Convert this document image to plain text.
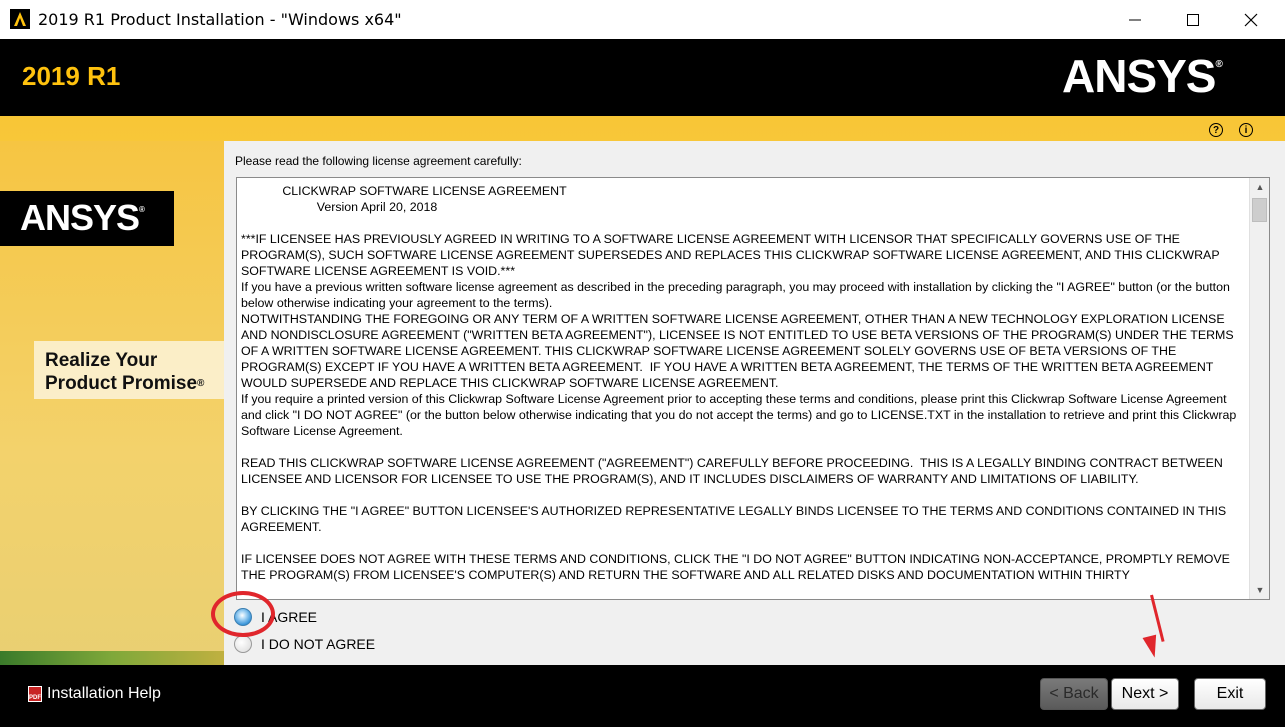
2019 R1 Product Installation - "Windows x64"
2019 R1	ANSYS®
?	i
ANSYS®
Realize Your
Product Promise®
Please read the following license agreement carefully:
CLICKWRAP SOFTWARE LICENSE AGREEMENT
Version April 20, 2018

***IF LICENSEE HAS PREVIOUSLY AGREED IN WRITING TO A SOFTWARE LICENSE AGREEMENT WITH LICENSOR THAT SPECIFICALLY GOVERNS USE OF THE PROGRAM(S), SUCH SOFTWARE LICENSE AGREEMENT SUPERSEDES AND REPLACES THIS CLICKWRAP SOFTWARE LICENSE AGREEMENT, AND THIS CLICKWRAP SOFTWARE LICENSE AGREEMENT IS VOID.***
If you have a previous written software license agreement as described in the preceding paragraph, you may proceed with installation by clicking the "I AGREE" button (or the button below otherwise indicating your agreement to the terms).
NOTWITHSTANDING THE FOREGOING OR ANY TERM OF A WRITTEN SOFTWARE LICENSE AGREEMENT, OTHER THAN A NEW TECHNOLOGY EXPLORATION LICENSE AND NONDISCLOSURE AGREEMENT ("WRITTEN BETA AGREEMENT"), LICENSEE IS NOT ENTITLED TO USE BETA VERSIONS OF THE PROGRAM(S) UNDER THE TERMS OF A WRITTEN SOFTWARE LICENSE AGREEMENT. THIS CLICKWRAP SOFTWARE LICENSE AGREEMENT SOLELY GOVERNS USE OF BETA VERSIONS OF THE PROGRAM(S) EXCEPT IF YOU HAVE A WRITTEN BETA AGREEMENT.  IF YOU HAVE A WRITTEN BETA AGREEMENT, THE TERMS OF THE WRITTEN BETA AGREEMENT  WOULD SUPERSEDE AND REPLACE THIS CLICKWRAP SOFTWARE LICENSE AGREEMENT.
If you require a printed version of this Clickwrap Software License Agreement prior to accepting these terms and conditions, please print this Clickwrap Software License Agreement and click "I DO NOT AGREE" (or the button below otherwise indicating that you do not accept the terms) and go to LICENSE.TXT in the installation to retrieve and print this Clickwrap Software License Agreement.

READ THIS CLICKWRAP SOFTWARE LICENSE AGREEMENT ("AGREEMENT") CAREFULLY BEFORE PROCEEDING.  THIS IS A LEGALLY BINDING CONTRACT BETWEEN LICENSEE AND LICENSOR FOR LICENSEE TO USE THE PROGRAM(S), AND IT INCLUDES DISCLAIMERS OF WARRANTY AND LIMITATIONS OF LIABILITY.

BY CLICKING THE "I AGREE" BUTTON LICENSEE'S AUTHORIZED REPRESENTATIVE LEGALLY BINDS LICENSEE TO THE TERMS AND CONDITIONS CONTAINED IN THIS AGREEMENT.

IF LICENSEE DOES NOT AGREE WITH THESE TERMS AND CONDITIONS, CLICK THE "I DO NOT AGREE" BUTTON INDICATING NON-ACCEPTANCE, PROMPTLY REMOVE THE PROGRAM(S) FROM LICENSEE'S COMPUTER(S) AND RETURN THE SOFTWARE AND ALL RELATED DISKS AND DOCUMENTATION WITHIN THIRTY
▲
▼
I AGREE
I DO NOT AGREE
PDF Installation Help	< Back	Next >	Exit
